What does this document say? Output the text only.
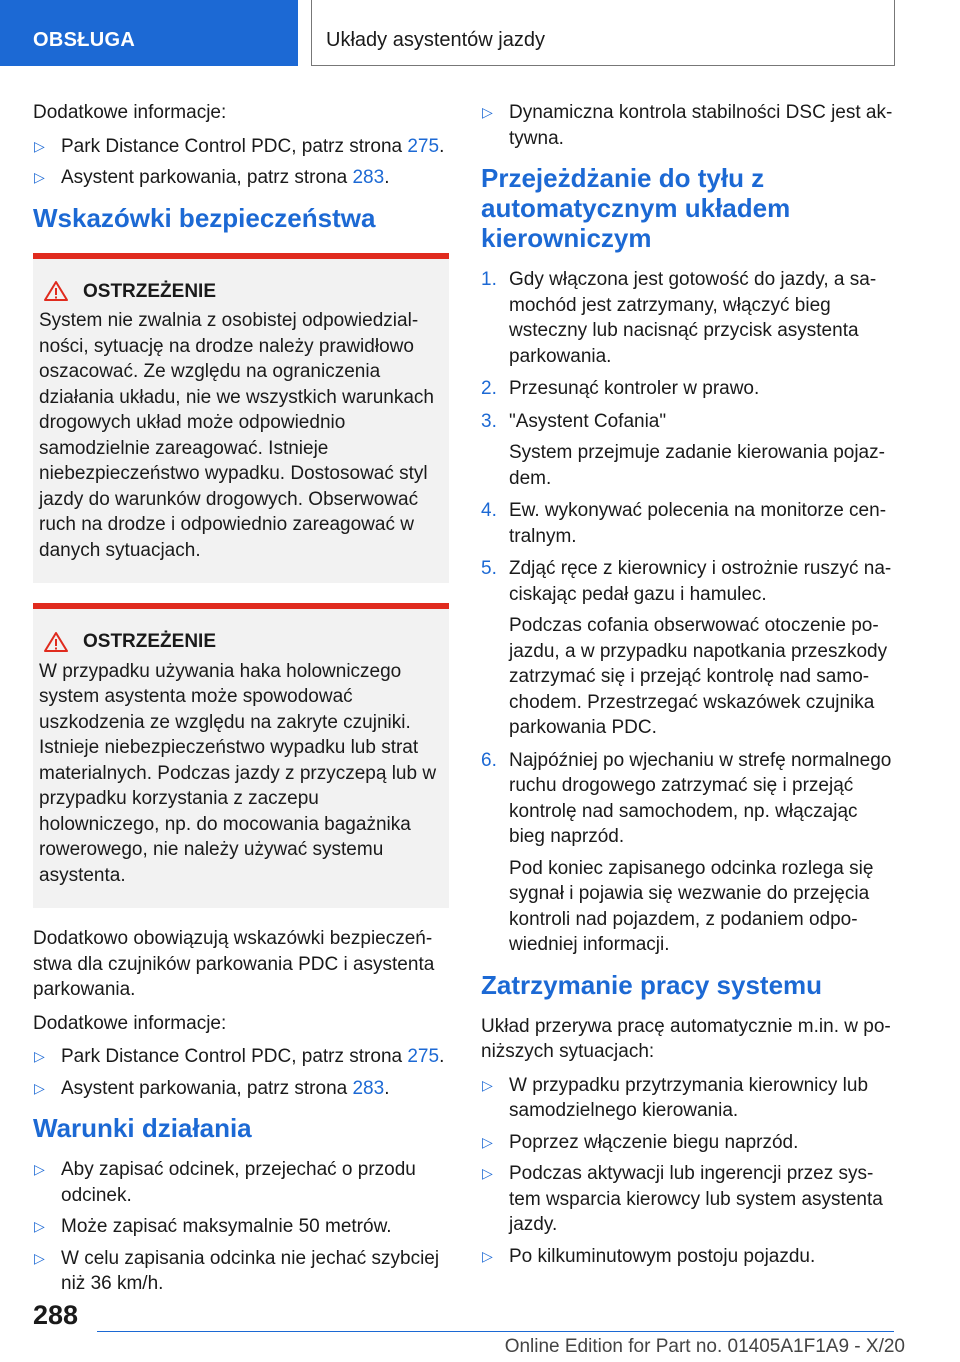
OBSŁUGA	Układy asystentów jazdy

Dodatkowe informacje:

▷ Park Distance Control PDC, patrz strona 275.
▷ Asystent parkowania, patrz strona 283.
Wskazówki bezpieczeństwa
OSTRZEŻENIE

System nie zwalnia z osobistej odpowiedzialności, sytuację na drodze należy prawidłowo oszacować. Ze względu na ograniczenia działania układu, nie we wszystkich warunkach drogowych układ może odpowiednio samodzielnie zareagować. Istnieje niebezpieczeństwo wypadku. Dostosować styl jazdy do warunków drogowych. Obserwować ruch na drodze i odpowiednio zareagować w danych sytuacjach.

OSTRZEŻENIE

W przypadku używania haka holowniczego system asystenta może spowodować uszkodzenia ze względu na zakryte czujniki. Istnieje niebezpieczeństwo wypadku lub strat materialnych. Podczas jazdy z przyczepą lub w przypadku korzystania z zaczepu holowniczego, np. do mocowania bagażnika rowerowego, nie należy używać systemu asystenta.

Dodatkowo obowiązują wskazówki bezpieczeństwa dla czujników parkowania PDC i asystenta parkowania.

Dodatkowe informacje:

▷ Park Distance Control PDC, patrz strona 275.
▷ Asystent parkowania, patrz strona 283.
Warunki działania
▷ Aby zapisać odcinek, przejechać o przodu odcinek.
▷ Może zapisać maksymalnie 50 metrów.
▷ W celu zapisania odcinka nie jechać szybciej niż 36 km/h.
▷ Dynamiczna kontrola stabilności DSC jest aktywna.
Przejeżdżanie do tyłu z automatycznym układem kierowniczym
1. Gdy włączona jest gotowość do jazdy, a samochód jest zatrzymany, włączyć bieg wsteczny lub nacisnąć przycisk asystenta parkowania.
2. Przesunąć kontroler w prawo.
3. "Asystent Cofania"
System przejmuje zadanie kierowania pojazdem.
4. Ew. wykonywać polecenia na monitorze centralnym.
5. Zdjąć ręce z kierownicy i ostrożnie ruszyć naciskając pedał gazu i hamulec.
Podczas cofania obserwować otoczenie pojazdu, a w przypadku napotkania przeszkody zatrzymać się i przejąć kontrolę nad samochodem. Przestrzegać wskazówek czujnika parkowania PDC.
6. Najpóźniej po wjechaniu w strefę normalnego ruchu drogowego zatrzymać się i przejąć kontrolę nad samochodem, np. włączając bieg naprzód.
Pod koniec zapisanego odcinka rozlega się sygnał i pojawia się wezwanie do przejęcia kontroli nad pojazdem, z podaniem odpowiedniej informacji.
Zatrzymanie pracy systemu

Układ przerywa pracę automatycznie m.in. w poniższych sytuacjach:

▷ W przypadku przytrzymania kierownicy lub samodzielnego kierowania.
▷ Poprzez włączenie biegu naprzód.
▷ Podczas aktywacji lub ingerencji przez system wsparcia kierowcy lub system asystenta jazdy.
▷ Po kilkuminutowym postoju pojazdu.
288
Online Edition for Part no. 01405A1F1A9 - X/20
